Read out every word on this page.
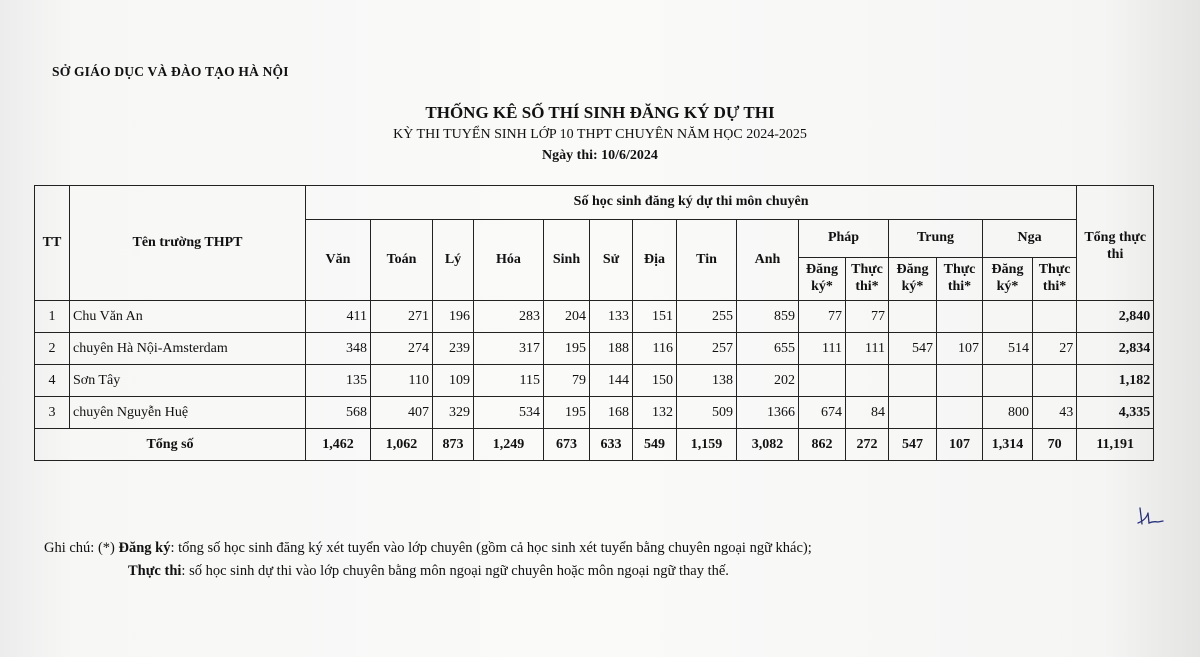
SỞ GIÁO DỤC VÀ ĐÀO TẠO HÀ NỘI
THỐNG KÊ SỐ THÍ SINH ĐĂNG KÝ DỰ THI
KỲ THI TUYỂN SINH LỚP 10 THPT CHUYÊN NĂM HỌC 2024-2025
Ngày thi: 10/6/2024
TT	Tên trường THPT	Số học sinh đăng ký dự thi môn chuyên															Tổng thực thi
		Văn	Toán	Lý	Hóa	Sinh	Sử	Địa	Tin	Anh	Pháp		Trung		Nga		
											Đăng ký*	Thực thi*	Đăng ký*	Thực thi*	Đăng ký*	Thực thi*	
1	Chu Văn An	411	271	196	283	204	133	151	255	859	77	77					2,840
2	chuyên Hà Nội-Amsterdam	348	274	239	317	195	188	116	257	655	111	111	547	107	514	27	2,834
4	Sơn Tây	135	110	109	115	79	144	150	138	202							1,182
3	chuyên Nguyễn Huệ	568	407	329	534	195	168	132	509	1366	674	84			800	43	4,335
Tổng số		1,462	1,062	873	1,249	673	633	549	1,159	3,082	862	272	547	107	1,314	70	11,191
Ghi chú: (*) Đăng ký: tổng số học sinh đăng ký xét tuyển vào lớp chuyên (gồm cả học sinh xét tuyển bằng chuyên ngoại ngữ khác);
Thực thi: số học sinh dự thi vào lớp chuyên bằng môn ngoại ngữ chuyên hoặc môn ngoại ngữ thay thế.
